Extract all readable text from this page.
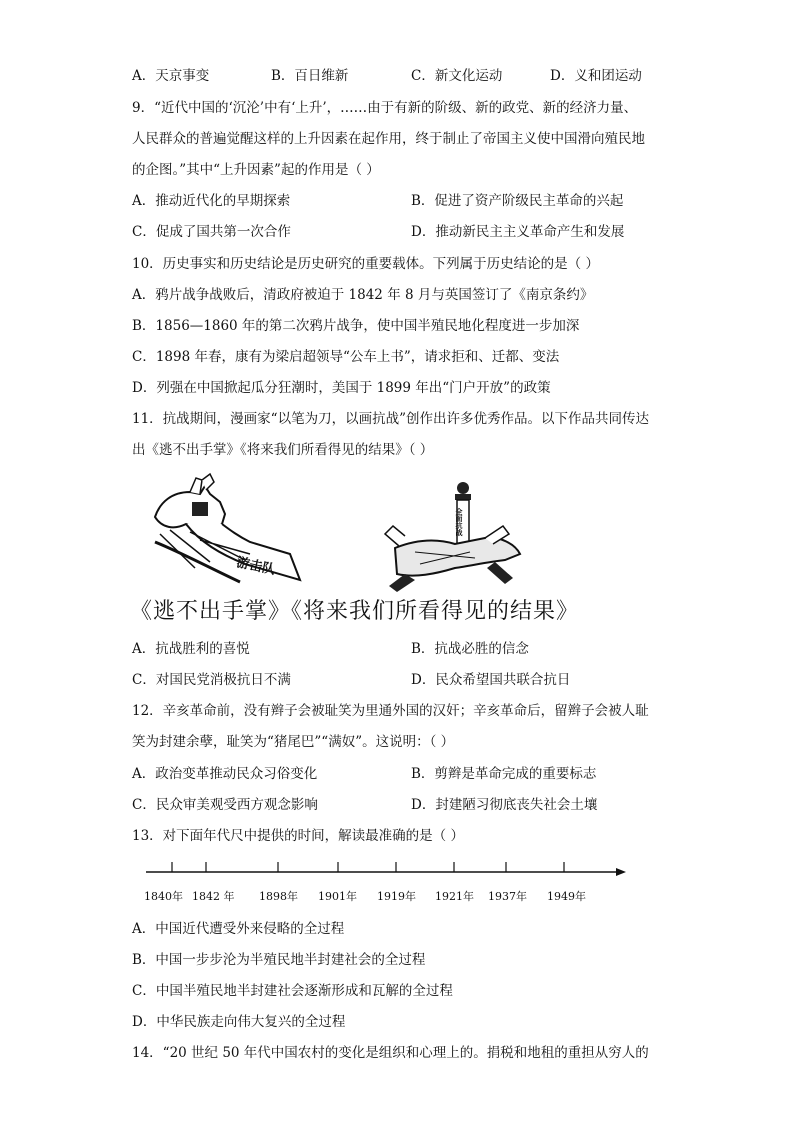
A．天京事变	B．百日维新	C．新文化运动	D．义和团运动
9．“近代中国的‘沉沦’中有‘上升’，……由于有新的阶级、新的政党、新的经济力量、
人民群众的普遍觉醒这样的上升因素在起作用，终于制止了帝国主义使中国滑向殖民地
的企图。”其中“上升因素”起的作用是（ ）
A．推动近代化的早期探索	B．促进了资产阶级民主革命的兴起
C．促成了国共第一次合作	D．推动新民主主义革命产生和发展
10．历史事实和历史结论是历史研究的重要载体。下列属于历史结论的是（ ）
A．鸦片战争战败后，清政府被迫于 1842 年 8 月与英国签订了《南京条约》
B．1856—1860 年的第二次鸦片战争，使中国半殖民地化程度进一步加深
C．1898 年春，康有为梁启超领导“公车上书”，请求拒和、迁都、变法
D．列强在中国掀起瓜分狂潮时，美国于 1899 年出“门户开放”的政策
11．抗战期间，漫画家“以笔为刀，以画抗战”创作出许多优秀作品。以下作品共同传达
出《逃不出手掌》《将来我们所看得见的结果》（ ）
游击队
全面抗战
《逃不出手掌》《将来我们所看得见的结果》
A．抗战胜利的喜悦	B．抗战必胜的信念
C．对国民党消极抗日不满	D．民众希望国共联合抗日
12．辛亥革命前，没有辫子会被耻笑为里通外国的汉奸；辛亥革命后，留辫子会被人耻
笑为封建余孽，耻笑为“猪尾巴”“满奴”。这说明：（ ）
A．政治变革推动民众习俗变化	B．剪辫是革命完成的重要标志
C．民众审美观受西方观念影响	D．封建陋习彻底丧失社会土壤
13．对下面年代尺中提供的时间，解读最准确的是（ ）
1840年 1842 年 1898年 1901年 1919年 1921年 1937年 1949年
A．中国近代遭受外来侵略的全过程
B．中国一步步沦为半殖民地半封建社会的全过程
C．中国半殖民地半封建社会逐渐形成和瓦解的全过程
D．中华民族走向伟大复兴的全过程
14．“20 世纪 50 年代中国农村的变化是组织和心理上的。捐税和地租的重担从穷人的
